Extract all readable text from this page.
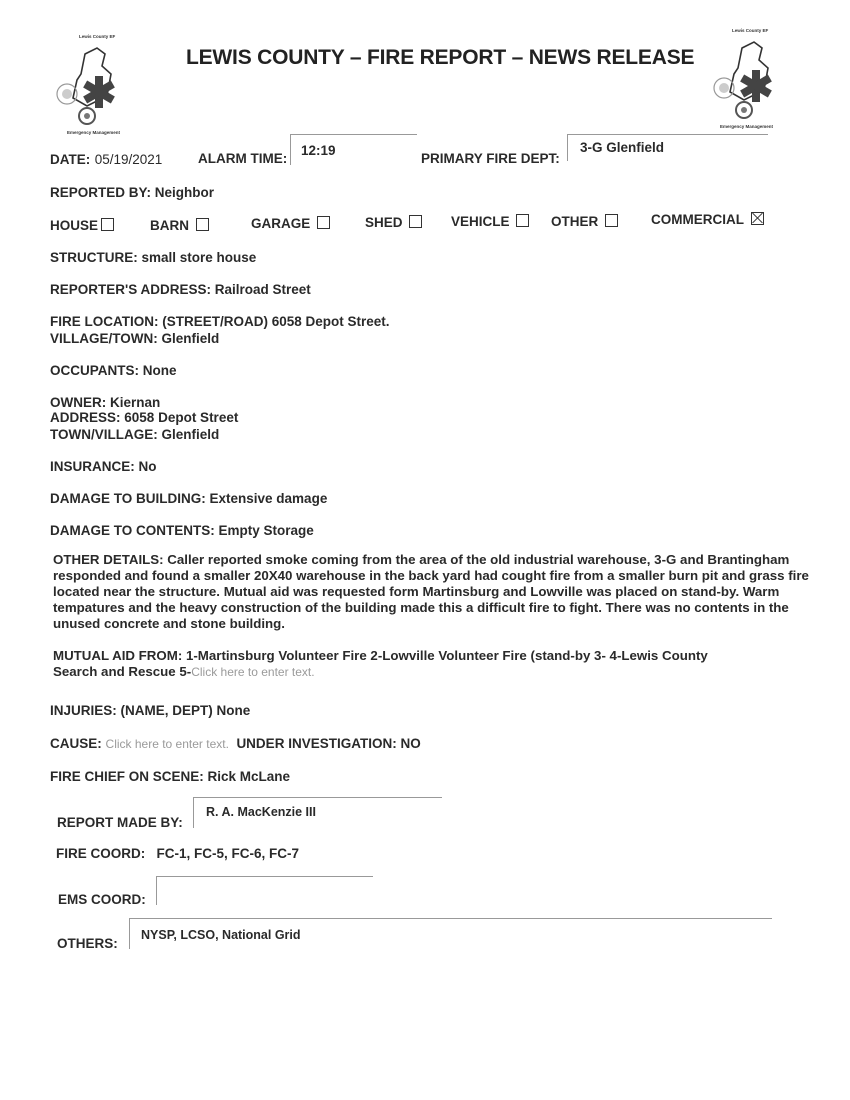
Lewis County EF
Emergency Management
LEWIS COUNTY – FIRE REPORT – NEWS RELEASE
Lewis County EF
Emergency Management
DATE: 05/19/2021	ALARM TIME:
12:19
PRIMARY FIRE DEPT:
3-G Glenfield
REPORTED BY: Neighbor
HOUSE	BARN	GARAGE	SHED	VEHICLE	OTHER	COMMERCIAL
STRUCTURE: small store house
REPORTER'S ADDRESS: Railroad Street
FIRE LOCATION: (STREET/ROAD) 6058 Depot Street.
VILLAGE/TOWN: Glenfield
OCCUPANTS: None
OWNER: Kiernan
ADDRESS: 6058 Depot Street
TOWN/VILLAGE: Glenfield
INSURANCE: No
DAMAGE TO BUILDING: Extensive damage
DAMAGE TO CONTENTS: Empty Storage
OTHER DETAILS: Caller reported smoke coming from the area of the old industrial warehouse, 3-G and Brantingham responded and found a smaller 20X40 warehouse in the back yard had cought fire from a smaller burn pit and grass fire located near the structure. Mutual aid was requested form Martinsburg and Lowville was placed on stand-by. Warm tempatures and the heavy construction of the building made this a difficult fire to fight. There was no contents in the unused concrete and stone building.
MUTUAL AID FROM: 1-Martinsburg Volunteer Fire 2-Lowville Volunteer Fire (stand-by 3- 4-Lewis County
Search and Rescue 5-Click here to enter text.
INJURIES: (NAME, DEPT) None
CAUSE: Click here to enter text. UNDER INVESTIGATION: NO
FIRE CHIEF ON SCENE: Rick McLane
REPORT MADE BY:
R. A. MacKenzie III
FIRE COORD: FC-1, FC-5, FC-6, FC-7
EMS COORD:
OTHERS:
NYSP, LCSO, National Grid
